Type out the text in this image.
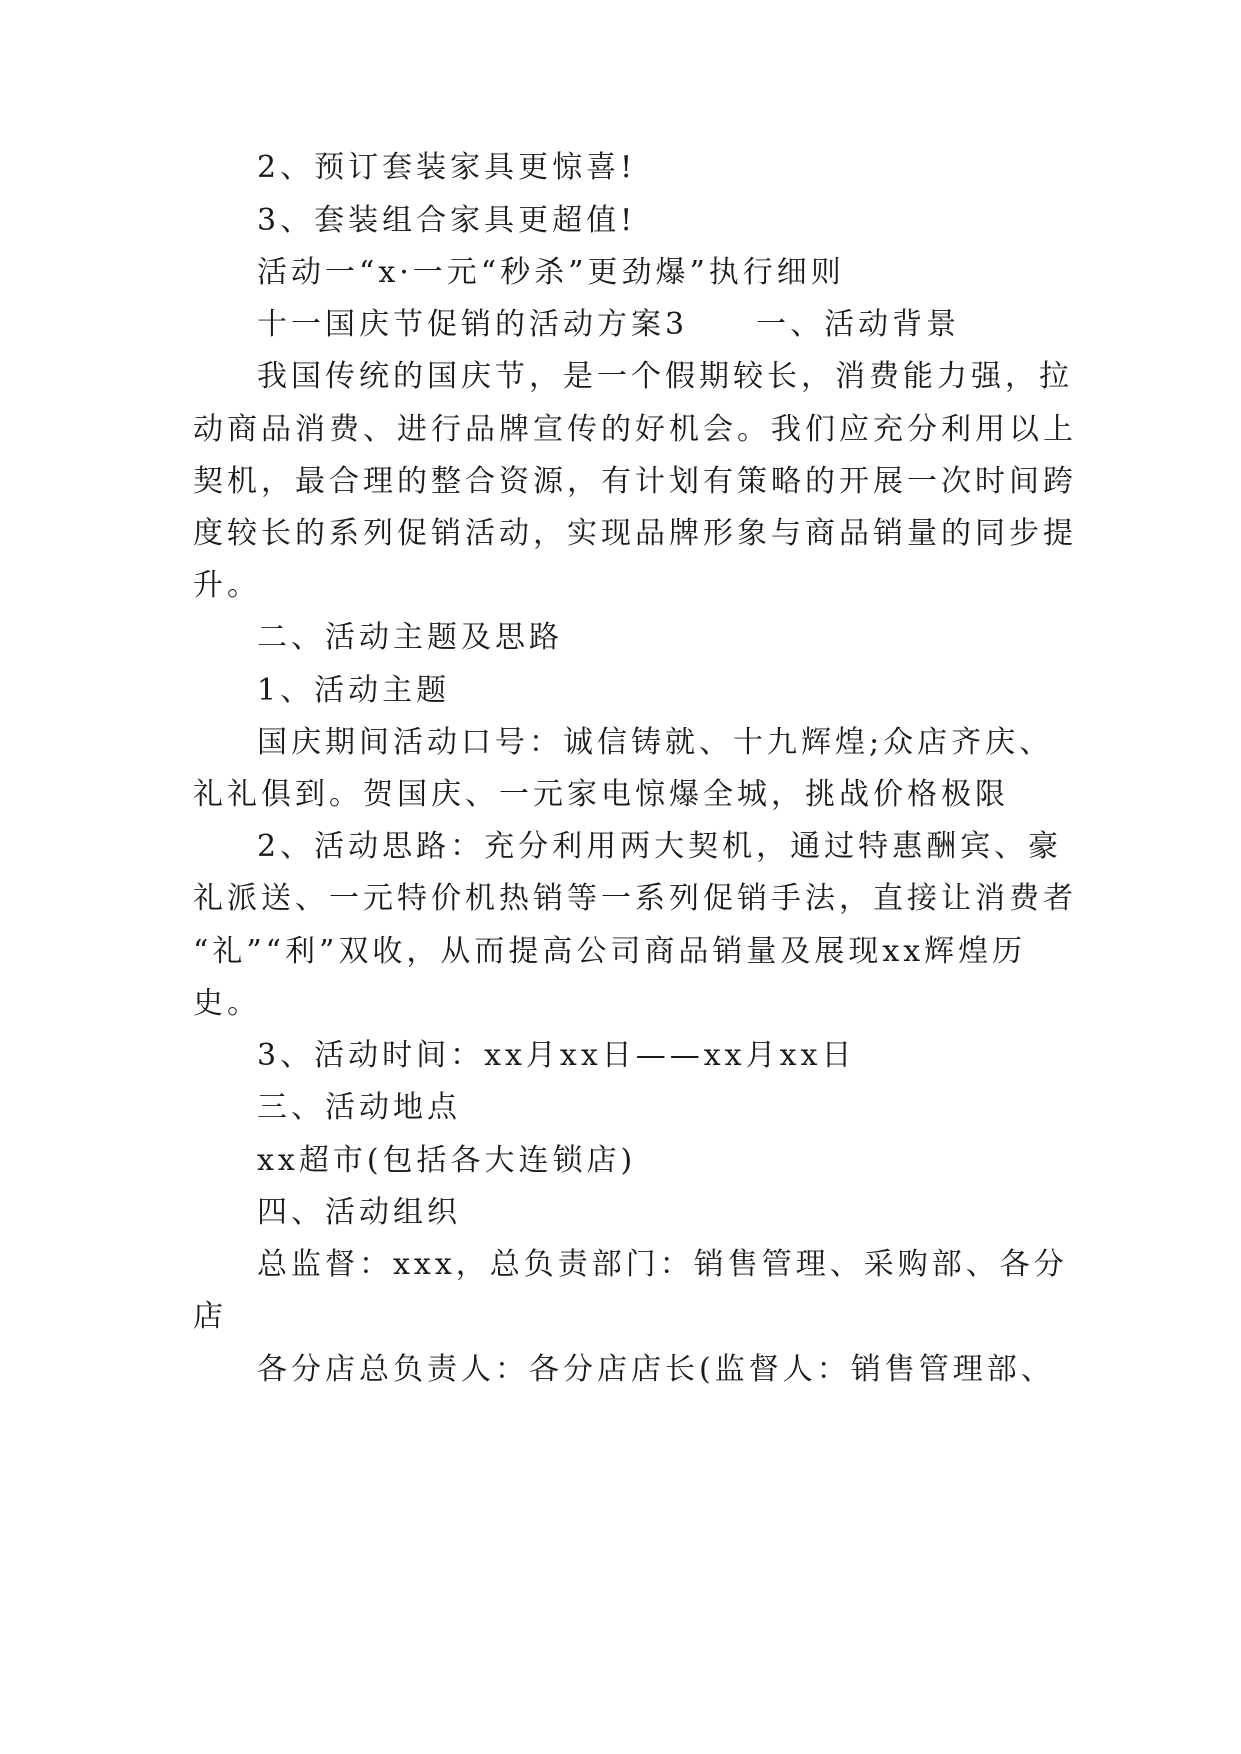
2、预订套装家具更惊喜!
3、套装组合家具更超值!
活动一“x·一元“秒杀”更劲爆”执行细则
十一国庆节促销的活动方案3　　一、活动背景
我国传统的国庆节，是一个假期较长，消费能力强，拉
动商品消费、进行品牌宣传的好机会。我们应充分利用以上
契机，最合理的整合资源，有计划有策略的开展一次时间跨
度较长的系列促销活动，实现品牌形象与商品销量的同步提
升。
二、活动主题及思路
1、活动主题
国庆期间活动口号：诚信铸就、十九辉煌;众店齐庆、
礼礼俱到。贺国庆、一元家电惊爆全城，挑战价格极限
2、活动思路：充分利用两大契机，通过特惠酬宾、豪
礼派送、一元特价机热销等一系列促销手法，直接让消费者
“礼”“利”双收，从而提高公司商品销量及展现xx辉煌历
史。
3、活动时间：xx月xx日——xx月xx日
三、活动地点
xx超市(包括各大连锁店)
四、活动组织
总监督：xxx，总负责部门：销售管理、采购部、各分
店
各分店总负责人：各分店店长(监督人：销售管理部、
